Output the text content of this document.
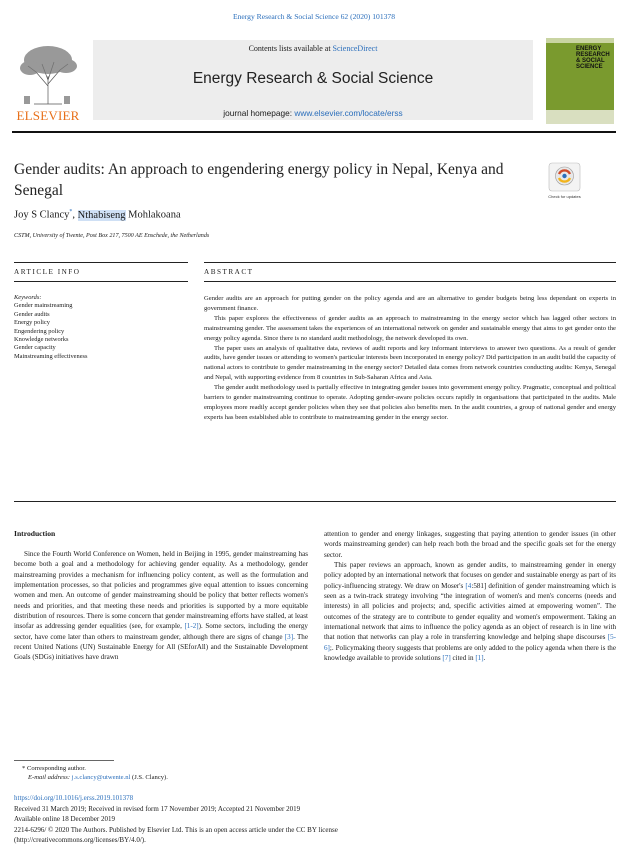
Energy Research & Social Science 62 (2020) 101378
ELSEVIER
Contents lists available at ScienceDirect
Energy Research & Social Science
journal homepage: www.elsevier.com/locate/erss
ENERGY
RESEARCH
& SOCIAL
SCIENCE
Gender audits: An approach to engendering energy policy in Nepal, Kenya and Senegal	Check for updates
Joy S Clancy*, Nthabiseng Mohlakoana
CSTM, University of Twente, Post Box 217, 7500 AE Enschede, the Netherlands
ARTICLE INFO	ABSTRACT
Keywords:
Gender mainstreaming
Gender audits
Energy policy
Engendering policy
Knowledge networks
Gender capacity
Mainstreaming effectiveness

Gender audits are an approach for putting gender on the policy agenda and are an alternative to gender budgets being less dependant on experts in government finance.

This paper explores the effectiveness of gender audits as an approach to mainstreaming in the energy sector which has lagged other sectors in mainstreaming gender. The assessment takes the experiences of an international network on gender and sustainable energy that aims to get gender onto the energy policy agenda. Since there is no standard audit methodology, the network developed its own.

The paper uses an analysis of qualitative data, reviews of audit reports and key informant interviews to answer two questions. As a result of gender audits, have gender issues or attending to women's particular interests been incorporated in energy policy? Did participation in an audit build the capacity of national actors to contribute to gender mainstreaming in the energy sector? Detailed data comes from network countries conducting audits: Kenya, Senegal and Nepal, with supporting evidence from 8 countries in Sub-Saharan Africa and Asia.

The gender audit methodology used is partially effective in integrating gender issues into government energy policy. Pragmatic, conceptual and political barriers to gender mainstreaming continue to operate. Adopting gender-aware policies occurs rapidly in organisations that participated in the audits. Male employees more readily accept gender policies when they see that policies also benefits men. In the audit countries, a group of national gender and energy experts has been established able to contribute to mainstreaming gender in the energy sector.

Introduction

Since the Fourth World Conference on Women, held in Beijing in 1995, gender mainstreaming has become both a goal and a methodology for achieving gender equality. As a methodology, gender mainstreaming provides a mechanism for influencing policy content, as well as the formulation and implementation processes, so that policies and programmes give equal attention to issues concerning women and men. An outcome of gender mainstreaming should be policy that better reflects women's needs and priorities, and that meeting these needs and priorities is supported by a more equitable distribution of resources. There is some concern that gender mainstreaming efforts have stalled, at least insofar as addressing gender equalities (see, for example, [1-2]). Some sectors, including the energy sector, have come later than others to mainstream gender, although there are signs of change [3]. The recent United Nations (UN) Sustainable Energy for All (SEforAll) and the Sustainable Development Goals (SDGs) initiatives have drawn

attention to gender and energy linkages, suggesting that paying attention to gender issues (in other words mainstreaming gender) can help reach both the broad and the specific goals set for the energy sector.

This paper reviews an approach, known as gender audits, to mainstreaming gender in energy policy adopted by an international network that focuses on gender and sustainable energy as part of its policy-influencing strategy. We draw on Moser's [4:581] definition of gender mainstreaming which is seen as a twin-track strategy involving “the integration of women's and men's concerns (needs and interests) in all policies and projects; and, specific activities aimed at empowering women”. The outcomes of the strategy are to contribute to gender equality and women's empowerment. Taking an international network that aims to influence the policy agenda as an object of research is in line with that notion that networks can play a role in transferring knowledge and helping shape discourses [5-6];. Policymaking theory suggests that problems are only added to the policy agenda when there is the knowledge available to provide solutions [7] cited in [1].

* Corresponding author.
E-mail address: j.s.clancy@utwente.nl (J.S. Clancy).
https://doi.org/10.1016/j.erss.2019.101378
Received 31 March 2019; Received in revised form 17 November 2019; Accepted 21 November 2019
Available online 18 December 2019
2214-6296/ © 2020 The Authors. Published by Elsevier Ltd. This is an open access article under the CC BY license
(http://creativecommons.org/licenses/BY/4.0/).
